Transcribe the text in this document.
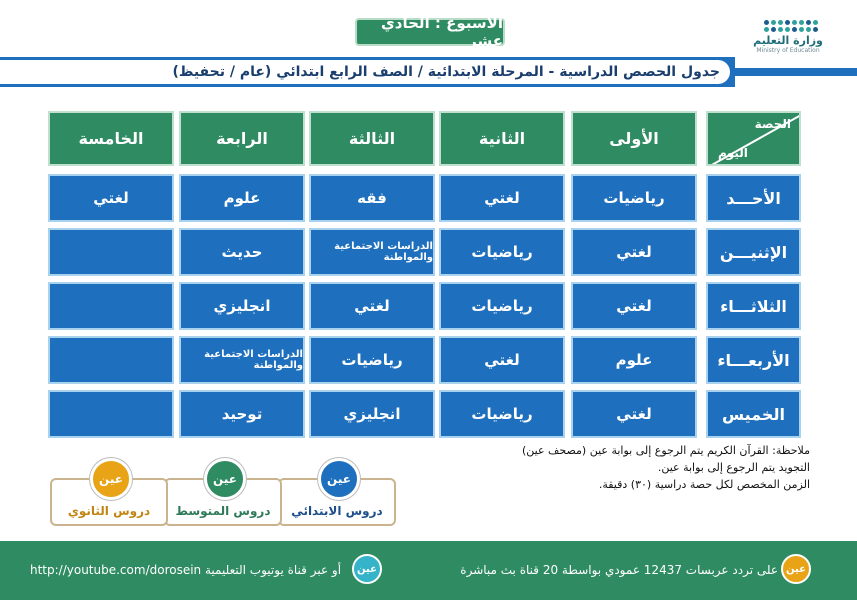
الأسبوع : الحادي عشر	وزارة التعليم
Ministry of Education
جدول الحصص الدراسية - المرحلة الابتدائية / الصف الرابع ابتدائي (عام / تحفيظ)
الحصة
اليوم
الأولى
الثانية
الثالثة
الرابعة
الخامسة
الأحـــد
رياضيات
لغتي
فقه
علوم
لغتي
الإثنيـــن
لغتي
رياضيات
الدراسات الاجتماعية والمواطنة
حديث
الثلاثـــاء
لغتي
رياضيات
لغتي
انجليزي
الأربعـــاء
علوم
لغتي
رياضيات
الدراسات الاجتماعية والمواطنة
الخميس
لغتي
رياضيات
انجليزي
توحيد
ملاحظة: القرآن الكريم يتم الرجوع إلى بوابة عين (مصحف عين)
التجويد يتم الرجوع إلى بوابة عين.
الزمن المخصص لكل حصة دراسية (٣٠) دقيقة.
عين
دروس الابتدائي
عين
دروس المتوسط
عين
دروس الثانوي
عين
على تردد عربسات 12437 عمودي بواسطة 20 قناة بث مباشرة
عين
http://youtube.com/dorosein أو عبر قناة يوتيوب التعليمية
